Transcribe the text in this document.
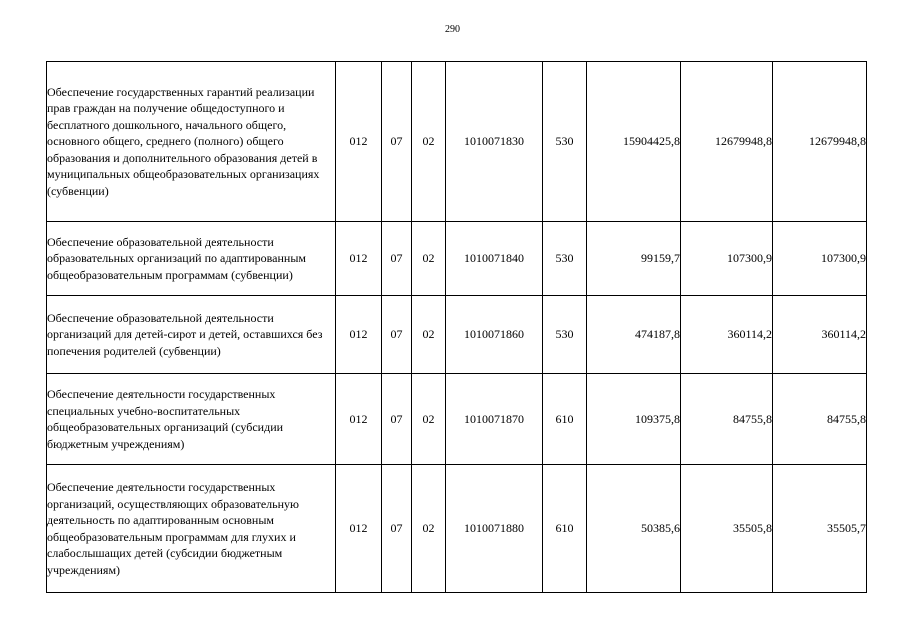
290
Обеспечение государственных гарантий реализации прав граждан на получение общедоступного и бесплатного дошкольного, начального общего, основного общего, среднего (полного) общего образования и дополнительного образования детей в муниципальных общеобразовательных организациях (субвенции)	012	07	02	1010071830	530	15904425,8	12679948,8	12679948,8
Обеспечение образовательной деятельности образовательных организаций по адаптированным общеобразовательным программам (субвенции)	012	07	02	1010071840	530	99159,7	107300,9	107300,9
Обеспечение образовательной деятельности организаций для детей-сирот и детей, оставшихся без попечения родителей (субвенции)	012	07	02	1010071860	530	474187,8	360114,2	360114,2
Обеспечение деятельности государственных специальных учебно-воспитательных общеобразовательных организаций (субсидии бюджетным учреждениям)	012	07	02	1010071870	610	109375,8	84755,8	84755,8
Обеспечение деятельности государственных организаций, осуществляющих образовательную деятельность по адаптированным основным общеобразовательным программам для глухих и слабослышащих детей (субсидии бюджетным учреждениям)	012	07	02	1010071880	610	50385,6	35505,8	35505,7
